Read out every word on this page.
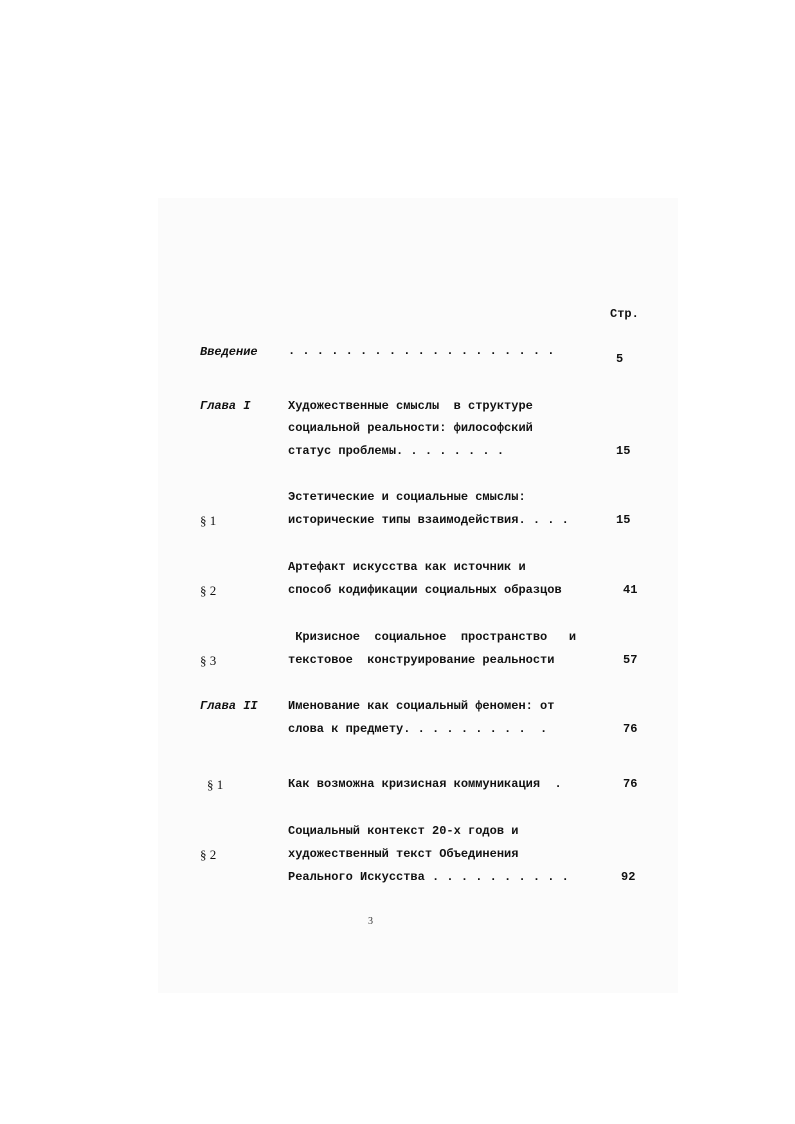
Стр.
Введение	. . . . . . . . . . . . . . . . . . .
5
Глава I	Художественные смыслы  в структуре
социальной реальности: философский
статус проблемы. . . . . . . .	15
Эстетические и социальные смыслы:
§ 1	исторические типы взаимодействия. . . .	15
Артефакт искусства как источник и
§ 2	способ кодификации социальных образцов	41
Кризисное  социальное  пространство   и
§ 3	текстовое  конструирование реальности	57
Глава II	Именование как социальный феномен: от
слова к предмету. . . . . . . . .  .	76
§ 1	Как возможна кризисная коммуникация  .	76
Социальный контекст 20-х годов и
§ 2	художественный текст Объединения
Реального Искусства . . . . . . . . . .	92
3
